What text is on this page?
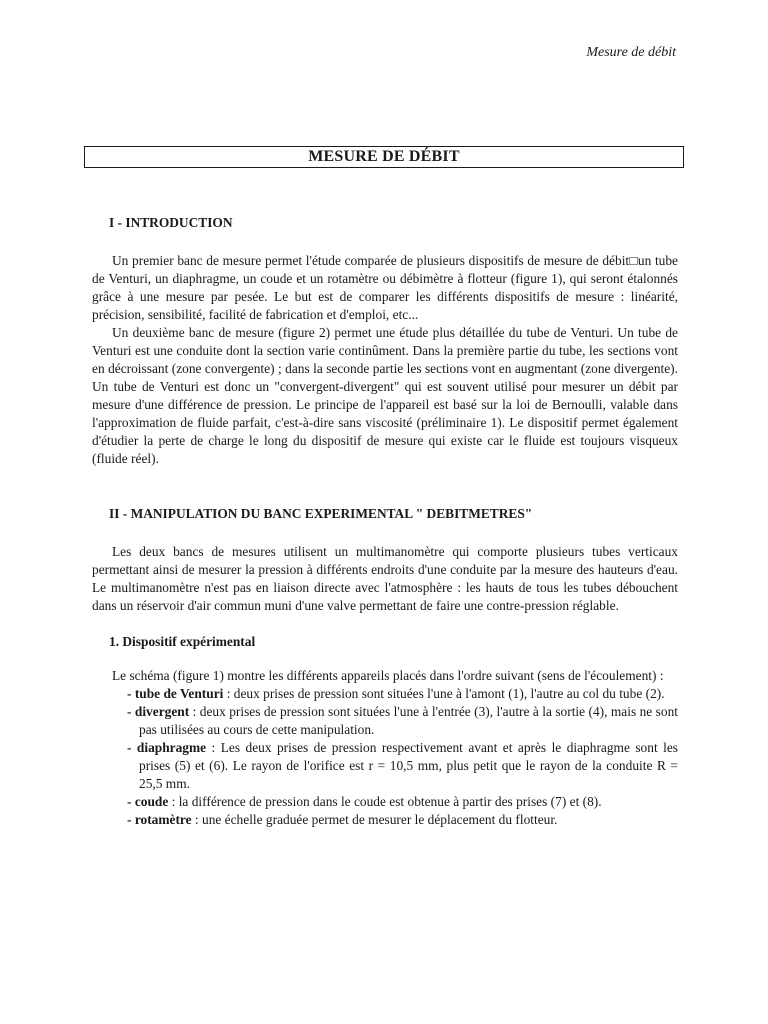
Mesure de débit
MESURE DE DÉBIT
I - INTRODUCTION

Un premier banc de mesure permet l'étude comparée de plusieurs dispositifs de mesure de débit□un tube de Venturi, un diaphragme, un coude et un rotamètre ou débimètre à flotteur (figure 1), qui seront étalonnés grâce à une mesure par pesée. Le but est de comparer les différents dispositifs de mesure : linéarité, précision, sensibilité, facilité de fabrication et d'emploi, etc...

Un deuxième banc de mesure (figure 2) permet une étude plus détaillée du tube de Venturi. Un tube de Venturi est une conduite dont la section varie continûment. Dans la première partie du tube, les sections vont en décroissant (zone convergente) ; dans la seconde partie les sections vont en augmentant (zone divergente). Un tube de Venturi est donc un "convergent-divergent" qui est souvent utilisé pour mesurer un débit par mesure d'une différence de pression. Le principe de l'appareil est basé sur la loi de Bernoulli, valable dans l'approximation de fluide parfait, c'est-à-dire sans viscosité (préliminaire 1). Le dispositif permet également d'étudier la perte de charge le long du dispositif de mesure qui existe car le fluide est toujours visqueux (fluide réel).

II - MANIPULATION DU BANC EXPERIMENTAL " DEBITMETRES"

Les deux bancs de mesures utilisent un multimanomètre qui comporte plusieurs tubes verticaux permettant ainsi de mesurer la pression à différents endroits d'une conduite par la mesure des hauteurs d'eau. Le multimanomètre n'est pas en liaison directe avec l'atmosphère : les hauts de tous les tubes débouchent dans un réservoir d'air commun muni d'une valve permettant de faire une contre-pression réglable.

1. Dispositif expérimental

Le schéma (figure 1) montre les différents appareils placés dans l'ordre suivant (sens de l'écoulement) :

- tube de Venturi : deux prises de pression sont situées l'une à l'amont (1), l'autre au col du tube (2).
- divergent : deux prises de pression sont situées l'une à l'entrée (3), l'autre à la sortie (4), mais ne sont pas utilisées au cours de cette manipulation.
- diaphragme : Les deux prises de pression respectivement avant et après le diaphragme sont les prises (5) et (6). Le rayon de l'orifice est r = 10,5 mm, plus petit que le rayon de la conduite R = 25,5 mm.
- coude : la différence de pression dans le coude est obtenue à partir des prises (7) et (8).
- rotamètre : une échelle graduée permet de mesurer le déplacement du flotteur.
